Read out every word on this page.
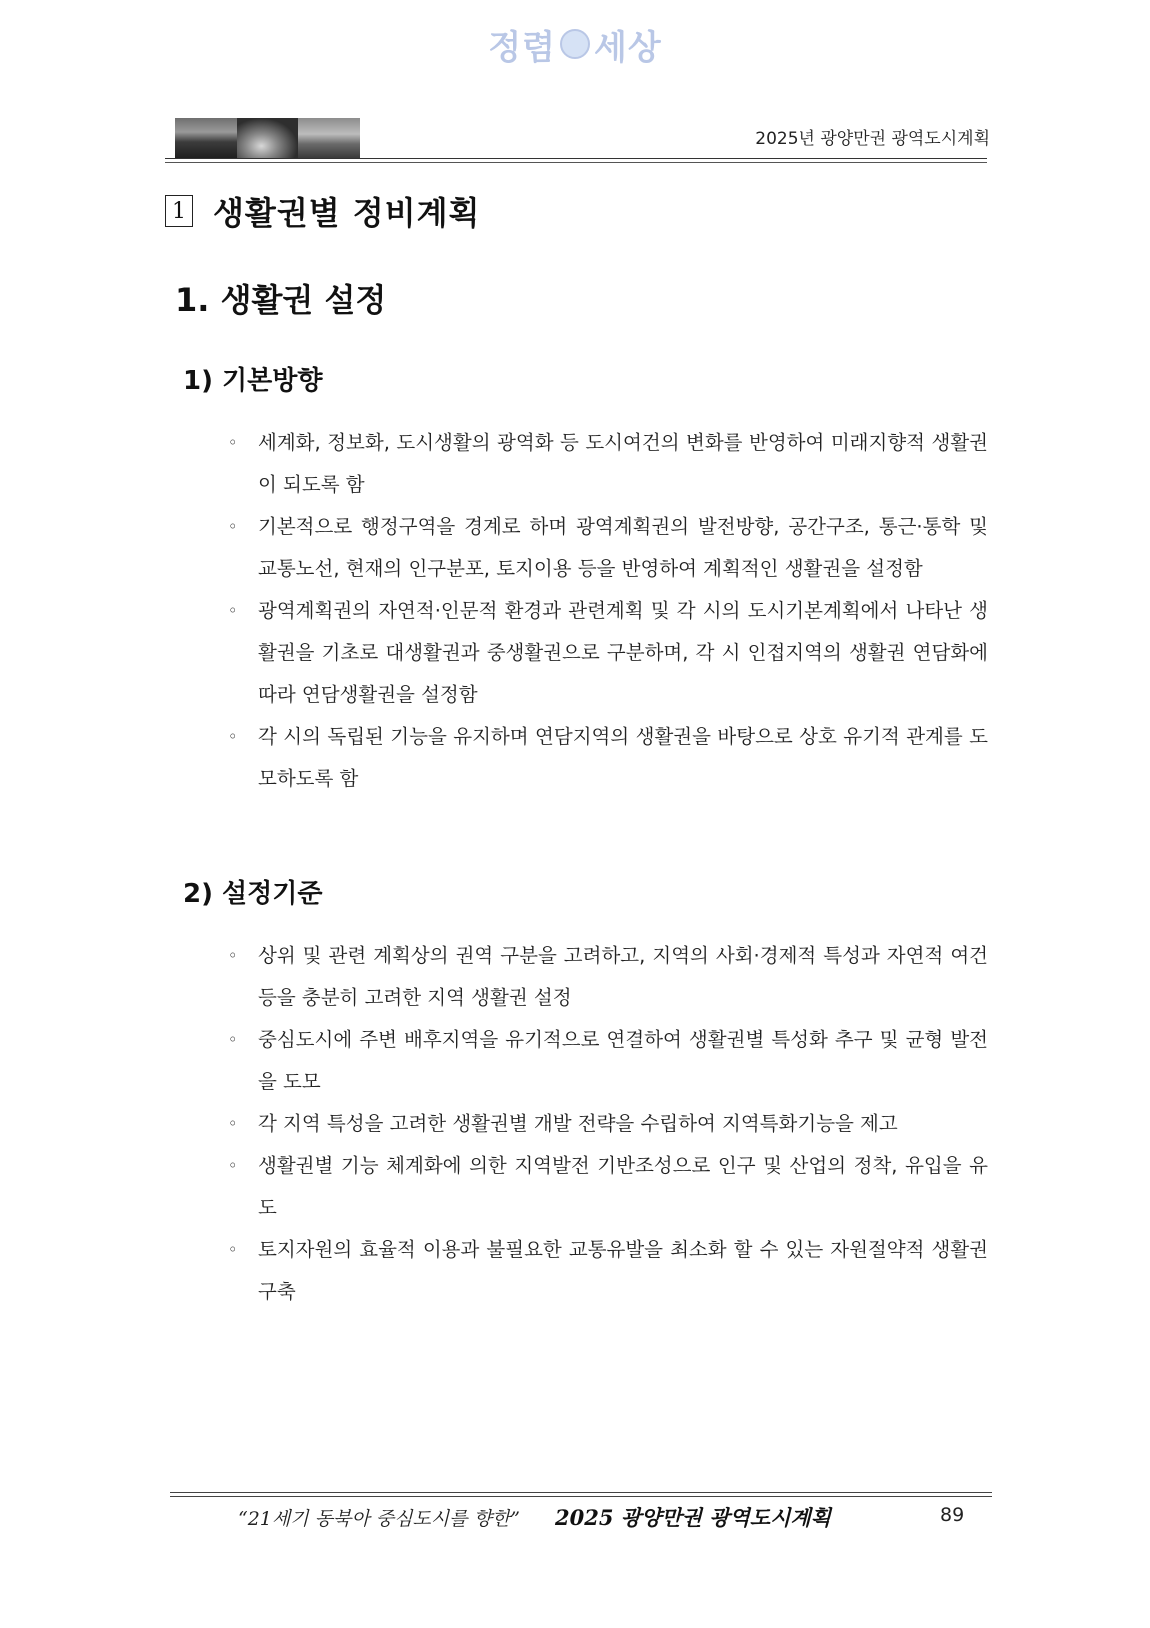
정렴 세상
2025년 광양만권 광역도시계획
1 생활권별 정비계획
1. 생활권 설정
1) 기본방향
◦ 세계화, 정보화, 도시생활의 광역화 등 도시여건의 변화를 반영하여 미래지향적 생활권이 되도록 함
◦ 기본적으로 행정구역을 경계로 하며 광역계획권의 발전방향, 공간구조, 통근·통학 및 교통노선, 현재의 인구분포, 토지이용 등을 반영하여 계획적인 생활권을 설정함
◦ 광역계획권의 자연적·인문적 환경과 관련계획 및 각 시의 도시기본계획에서 나타난 생활권을 기초로 대생활권과 중생활권으로 구분하며, 각 시 인접지역의 생활권 연담화에 따라 연담생활권을 설정함
◦ 각 시의 독립된 기능을 유지하며 연담지역의 생활권을 바탕으로 상호 유기적 관계를 도모하도록 함
2) 설정기준
◦ 상위 및 관련 계획상의 권역 구분을 고려하고, 지역의 사회·경제적 특성과 자연적 여건 등을 충분히 고려한 지역 생활권 설정
◦ 중심도시에 주변 배후지역을 유기적으로 연결하여 생활권별 특성화 추구 및 균형 발전을 도모
◦ 각 지역 특성을 고려한 생활권별 개발 전략을 수립하여 지역특화기능을 제고
◦ 생활권별 기능 체계화에 의한 지역발전 기반조성으로 인구 및 산업의 정착, 유입을 유도
◦ 토지자원의 효율적 이용과 불필요한 교통유발을 최소화 할 수 있는 자원절약적 생활권 구축
“21세기 동북아 중심도시를 향한” 2025 광양만권 광역도시계획	89
